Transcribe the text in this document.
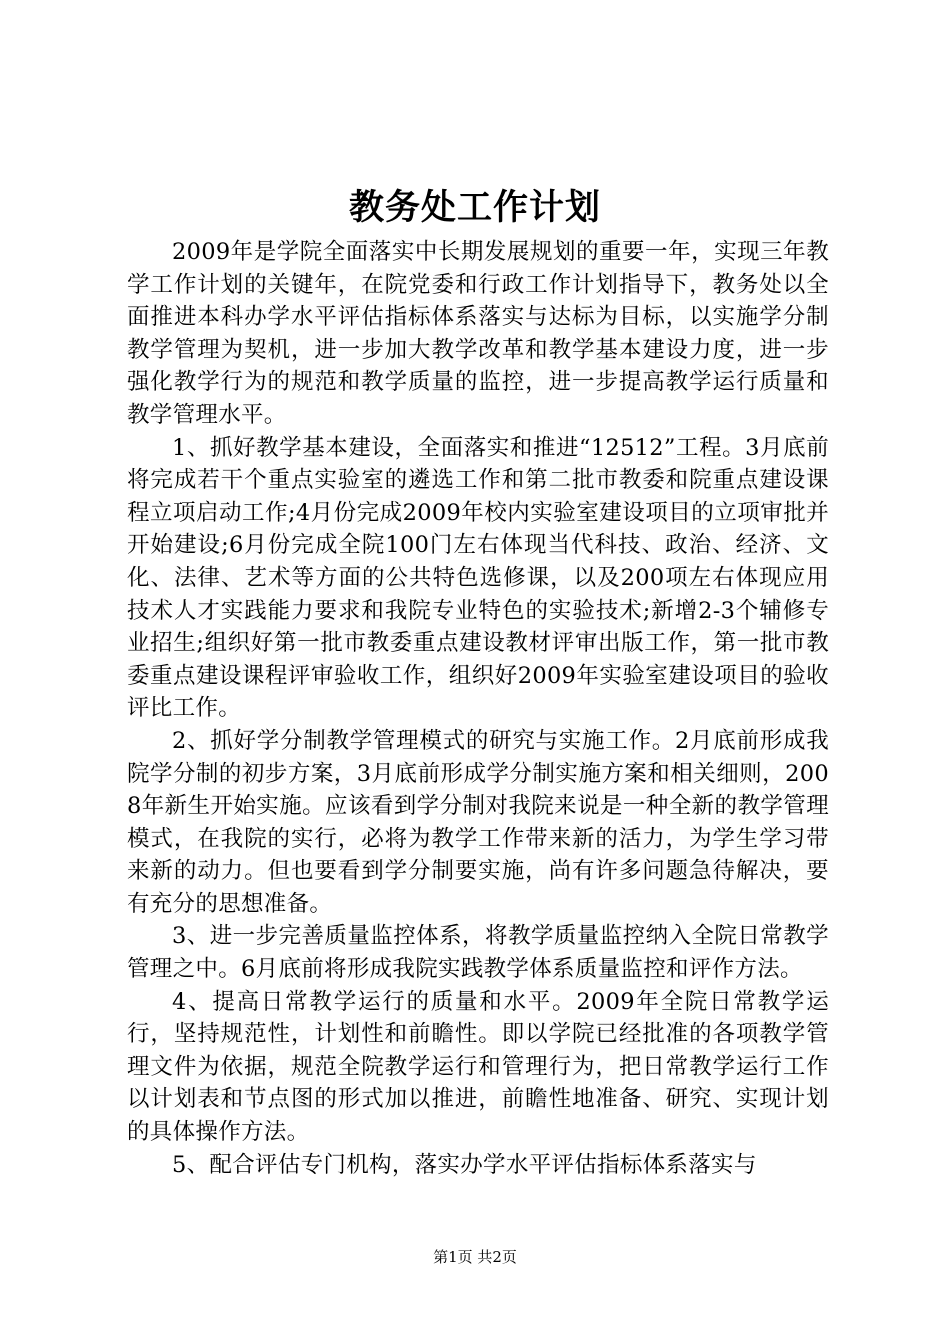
教务处工作计划

2009年是学院全面落实中长期发展规划的重要一年，实现三年教学工作计划的关键年，在院党委和行政工作计划指导下，教务处以全面推进本科办学水平评估指标体系落实与达标为目标，以实施学分制教学管理为契机，进一步加大教学改革和教学基本建设力度，进一步强化教学行为的规范和教学质量的监控，进一步提高教学运行质量和教学管理水平。

1、抓好教学基本建设，全面落实和推进“12512”工程。3月底前将完成若干个重点实验室的遴选工作和第二批市教委和院重点建设课程立项启动工作;4月份完成2009年校内实验室建设项目的立项审批并开始建设;6月份完成全院100门左右体现当代科技、政治、经济、文化、法律、艺术等方面的公共特色选修课，以及200项左右体现应用技术人才实践能力要求和我院专业特色的实验技术;新增2-3个辅修专业招生;组织好第一批市教委重点建设教材评审出版工作，第一批市教委重点建设课程评审验收工作，组织好2009年实验室建设项目的验收评比工作。

2、抓好学分制教学管理模式的研究与实施工作。2月底前形成我院学分制的初步方案，3月底前形成学分制实施方案和相关细则，2008年新生开始实施。应该看到学分制对我院来说是一种全新的教学管理模式，在我院的实行，必将为教学工作带来新的活力，为学生学习带来新的动力。但也要看到学分制要实施，尚有许多问题急待解决，要有充分的思想准备。

3、进一步完善质量监控体系，将教学质量监控纳入全院日常教学管理之中。6月底前将形成我院实践教学体系质量监控和评作方法。

4、提高日常教学运行的质量和水平。2009年全院日常教学运行，坚持规范性，计划性和前瞻性。即以学院已经批准的各项教学管理文件为依据，规范全院教学运行和管理行为，把日常教学运行工作以计划表和节点图的形式加以推进，前瞻性地准备、研究、实现计划的具体操作方法。

5、配合评估专门机构，落实办学水平评估指标体系落实与

第1页 共2页
